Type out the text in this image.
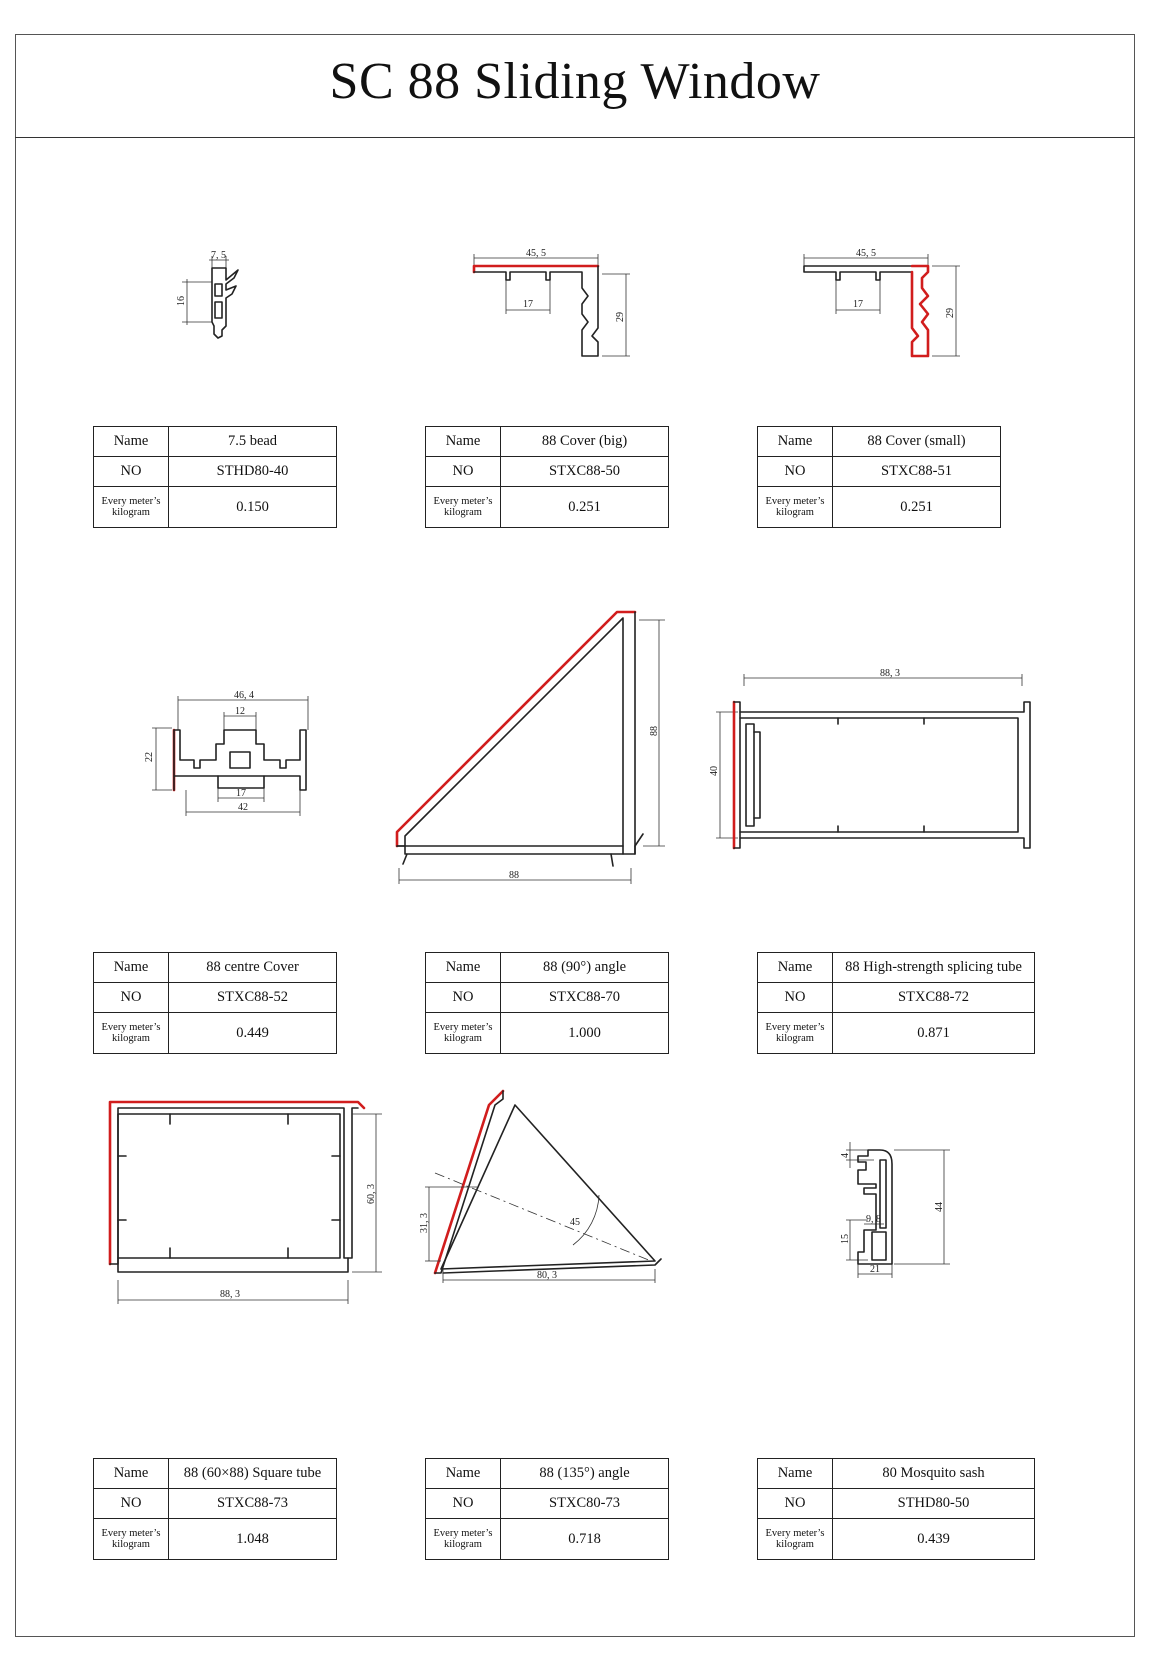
SC 88 Sliding Window
7, 5
16
45, 5
17
29
45, 5
17
29
46, 4
12
22
17
42
88
88
88, 3
40
60, 3
88, 3
31, 3	45
80, 3
4
44
15
9, 8
21
Name	7.5 bead
NO	STHD80-40
Every meter’s
kilogram	0.150
Name	88 Cover (big)
NO	STXC88-50
Every meter’s
kilogram	0.251
Name	88 Cover (small)
NO	STXC88-51
Every meter’s
kilogram	0.251
Name	88 centre Cover
NO	STXC88-52
Every meter’s
kilogram	0.449
Name	88 (90°) angle
NO	STXC88-70
Every meter’s
kilogram	1.000
Name	88 High-strength splicing tube
NO	STXC88-72
Every meter’s
kilogram	0.871
Name	88 (60×88) Square tube
NO	STXC88-73
Every meter’s
kilogram	1.048
Name	88 (135°) angle
NO	STXC80-73
Every meter’s
kilogram	0.718
Name	80 Mosquito sash
NO	STHD80-50
Every meter’s
kilogram	0.439
